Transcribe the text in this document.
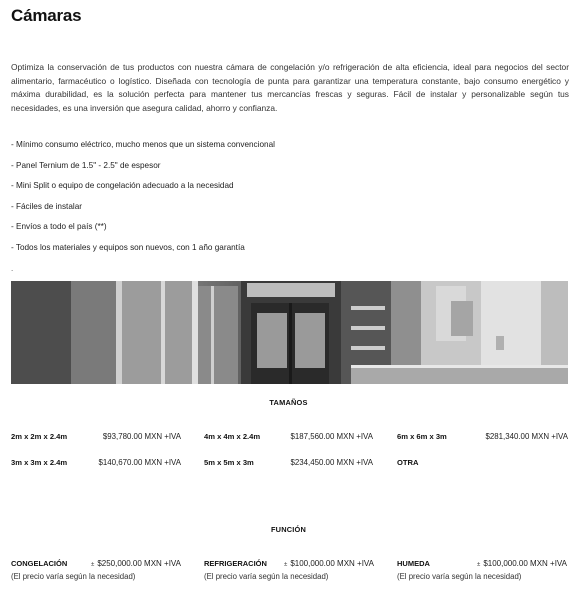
Cámaras
Optimiza la conservación de tus productos con nuestra cámara de congelación y/o refrigeración de alta eficiencia, ideal para negocios del sector alimentario, farmacéutico o logístico. Diseñada con tecnología de punta para garantizar una temperatura constante, bajo consumo energético y máxima durabilidad, es la solución perfecta para mantener tus mercancías frescas y seguras. Fácil de instalar y personalizable según tus necesidades, es una inversión que asegura calidad, ahorro y confianza.
- Mínimo consumo eléctrico, mucho menos que un sistema convencional
- Panel Ternium de 1.5" - 2.5" de espesor
- Mini Split o equipo de congelación adecuado a la necesidad
- Fáciles de instalar
- Envíos a todo el país (**)
- Todos los materiales y equipos son nuevos, con 1 año garantía
.
TAMAÑOS
2m x 2m x 2.4m	$93,780.00 MXN +IVA	4m x 4m x 2.4m	$187,560.00 MXN +IVA	6m x 6m x 3m	$281,340.00 MXN +IVA
3m x 3m x 2.4m	$140,670.00 MXN +IVA	5m x 5m x 3m	$234,450.00 MXN +IVA	OTRA
FUNCIÓN
CONGELACIÓN	± $250,000.00 MXN +IVA
(El precio varía según la necesidad)
REFRIGERACIÓN	± $100,000.00 MXN +IVA
(El precio varía según la necesidad)
HUMEDA	± $100,000.00 MXN +IVA
(El precio varía según la necesidad)
